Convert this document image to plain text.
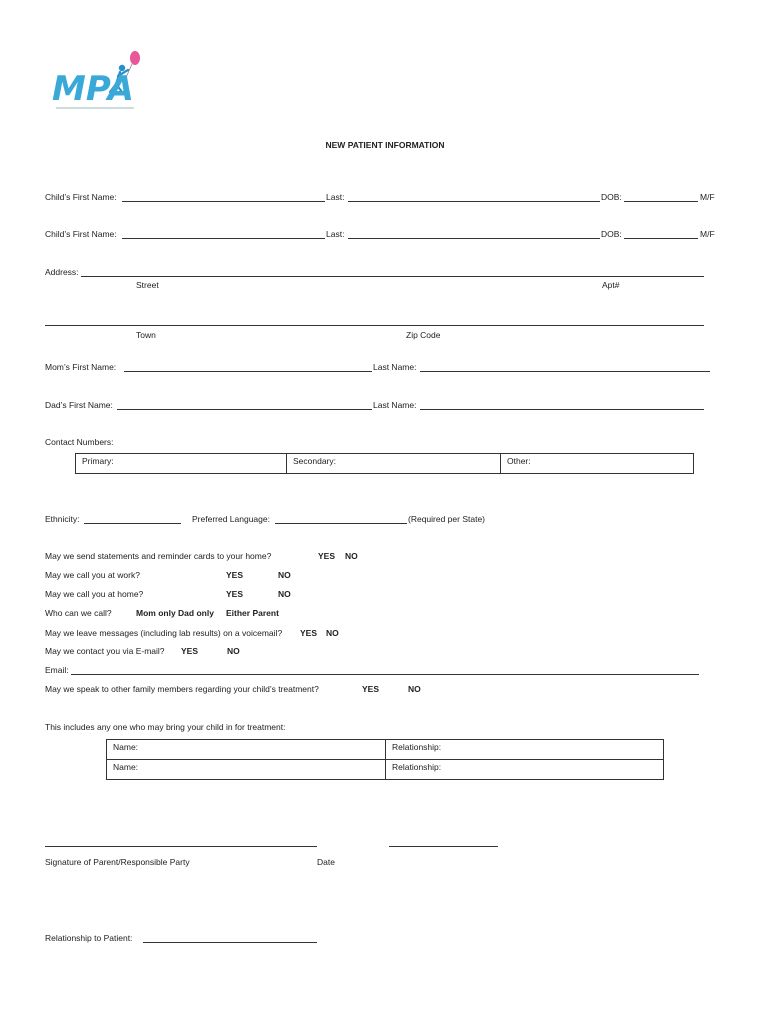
MPA
NEW PATIENT INFORMATION
Child’s First Name:	Last:	DOB:	M/F
Child’s First Name:	Last:	DOB:	M/F
Address:
Street	Apt#
Town	Zip Code
Mom’s First Name:	Last Name:
Dad’s First Name:	Last Name:
Contact Numbers:
Primary:	Secondary:	Other:
Ethnicity:	Preferred Language:	(Required per State)
May we send statements and reminder cards to your home?	YES NO
May we call you at work?	YES	NO
May we call you at home?	YES	NO
Who can we call?	Mom only Dad only Either Parent
May we leave messages (including lab results) on a voicemail? YES NO
May we contact you via E-mail? YES	NO
Email:
May we speak to other family members regarding your child’s treatment?	YES	NO
This includes any one who may bring your child in for treatment:
Name:	Relationship:
Name:	Relationship:
Signature of Parent/Responsible Party	Date
Relationship to Patient:
